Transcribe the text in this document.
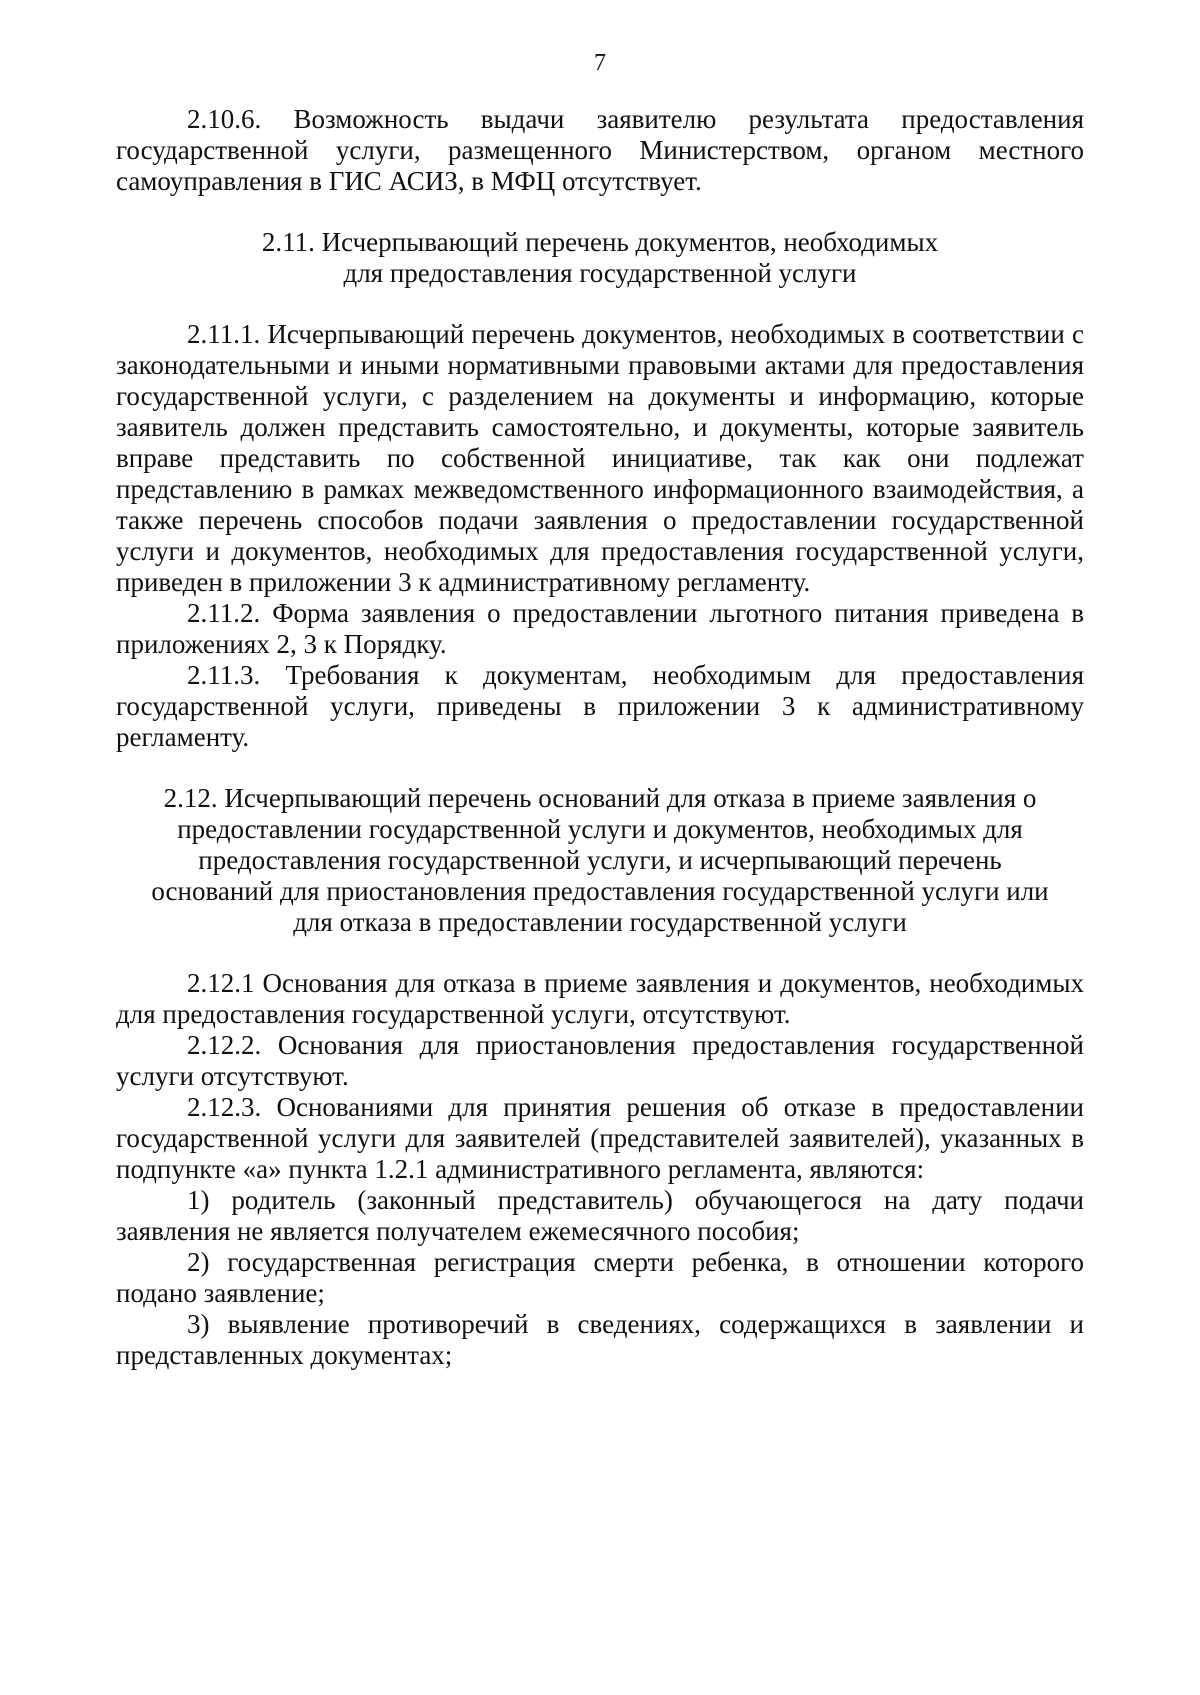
7

2.10.6. Возможность выдачи заявителю результата предоставления государственной услуги, размещенного Министерством, органом местного самоуправления в ГИС АСИЗ, в МФЦ отсутствует.

2.11. Исчерпывающий перечень документов, необходимых
для предоставления государственной услуги

2.11.1. Исчерпывающий перечень документов, необходимых в соответствии с законодательными и иными нормативными правовыми актами для предоставления государственной услуги, с разделением на документы и информацию, которые заявитель должен представить самостоятельно, и документы, которые заявитель вправе представить по собственной инициативе, так как они подлежат представлению в рамках межведомственного информационного взаимодействия, а также перечень способов подачи заявления о предоставлении государственной услуги и документов, необходимых для предоставления государственной услуги, приведен в приложении 3 к административному регламенту.

2.11.2. Форма заявления о предоставлении льготного питания приведена в приложениях 2, 3 к Порядку.

2.11.3. Требования к документам, необходимым для предоставления государственной услуги, приведены в приложении 3 к административному регламенту.

2.12. Исчерпывающий перечень оснований для отказа в приеме заявления о
предоставлении государственной услуги и документов, необходимых для
предоставления государственной услуги, и исчерпывающий перечень
оснований для приостановления предоставления государственной услуги или
для отказа в предоставлении государственной услуги

2.12.1 Основания для отказа в приеме заявления и документов, необходимых для предоставления государственной услуги, отсутствуют.

2.12.2. Основания для приостановления предоставления государственной услуги отсутствуют.

2.12.3. Основаниями для принятия решения об отказе в предоставлении государственной услуги для заявителей (представителей заявителей), указанных в подпункте «а» пункта 1.2.1 административного регламента, являются:

1) родитель (законный представитель) обучающегося на дату подачи заявления не является получателем ежемесячного пособия;

2) государственная регистрация смерти ребенка, в отношении которого подано заявление;

3) выявление противоречий в сведениях, содержащихся в заявлении и представленных документах;
